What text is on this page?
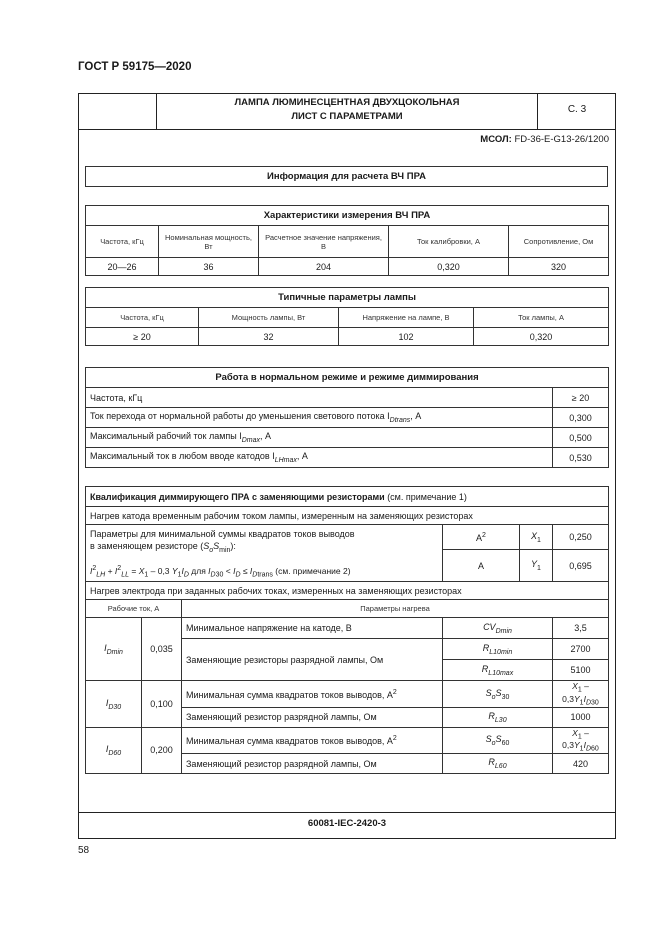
ГОСТ Р 59175—2020
ЛАМПА ЛЮМИНЕСЦЕНТНАЯ ДВУХЦОКОЛЬНАЯ
ЛИСТ С ПАРАМЕТРАМИ
С. 3
МСОЛ: FD-36-E-G13-26/1200
Информация для расчета ВЧ ПРА
Характеристики измерения ВЧ ПРА				
Частота, кГц	Номинальная мощность, Вт	Расчетное значение напряжения, В	Ток калибровки, А	Сопротивление, Ом
20—26	36	204	0,320	320
Типичные параметры лампы			
Частота, кГц	Мощность лампы, Вт	Напряжение на лампе, В	Ток лампы, А
≥ 20	32	102	0,320
Работа в нормальном режиме и режиме диммирования	
Частота, кГц	≥ 20
Ток перехода от нормальной работы до уменьшения светового потока $I_{Dtrans}$, А	0,300
Максимальный рабочий ток лампы $I_{Dmax}$, А	0,500
Максимальный ток в любом вводе катодов $I_{LHmax}$, А	0,530
Квалификация диммирующего ПРА с заменяющими резисторами (см. примечание 1)					
Нагрев катода временным рабочим током лампы, измеренным на заменяющих резисторах					

Параметры для минимальной суммы квадратов токов выводов
в заменяющем резисторе $(S_oS_{min})$:
$I^2_{LH} + I^2_{LL} = X_1 - 0,3$ $Y_1I_D$ для $I_{D30} < I_D \le I_{Dtrans}$ (см. примечание 2)			$A^2$	$X_1$	0,250
			A	$Y_1$	0,695
Нагрев электрода при заданных рабочих токах, измеренных на заменяющих резисторах					
Рабочие ток, А		Параметры нагрева			
$I_{Dmin}$	0,035	Минимальное напряжение на катоде, В	$CV_{Dmin}$		3,5
		Заменяющие резисторы разрядной лампы, Ом	$R_{L10min}$		2700
			$R_{L10max}$		5100
$I_{D30}$	0,100	Минимальная сумма квадратов токов выводов, $А^2$	$S_oS_{30}$		$X_1 - 0,3Y_1I_{D30}$
		Заменяющий резистор разрядной лампы, Ом	$R_{L30}$		1000
$I_{D60}$	0,200	Минимальная сумма квадратов токов выводов, $А^2$	$S_oS_{60}$		$X_1 - 0,3Y_1I_{D60}$
		Заменяющий резистор разрядной лампы, Ом	$R_{L60}$		420
60081-IEC-2420-3
58
